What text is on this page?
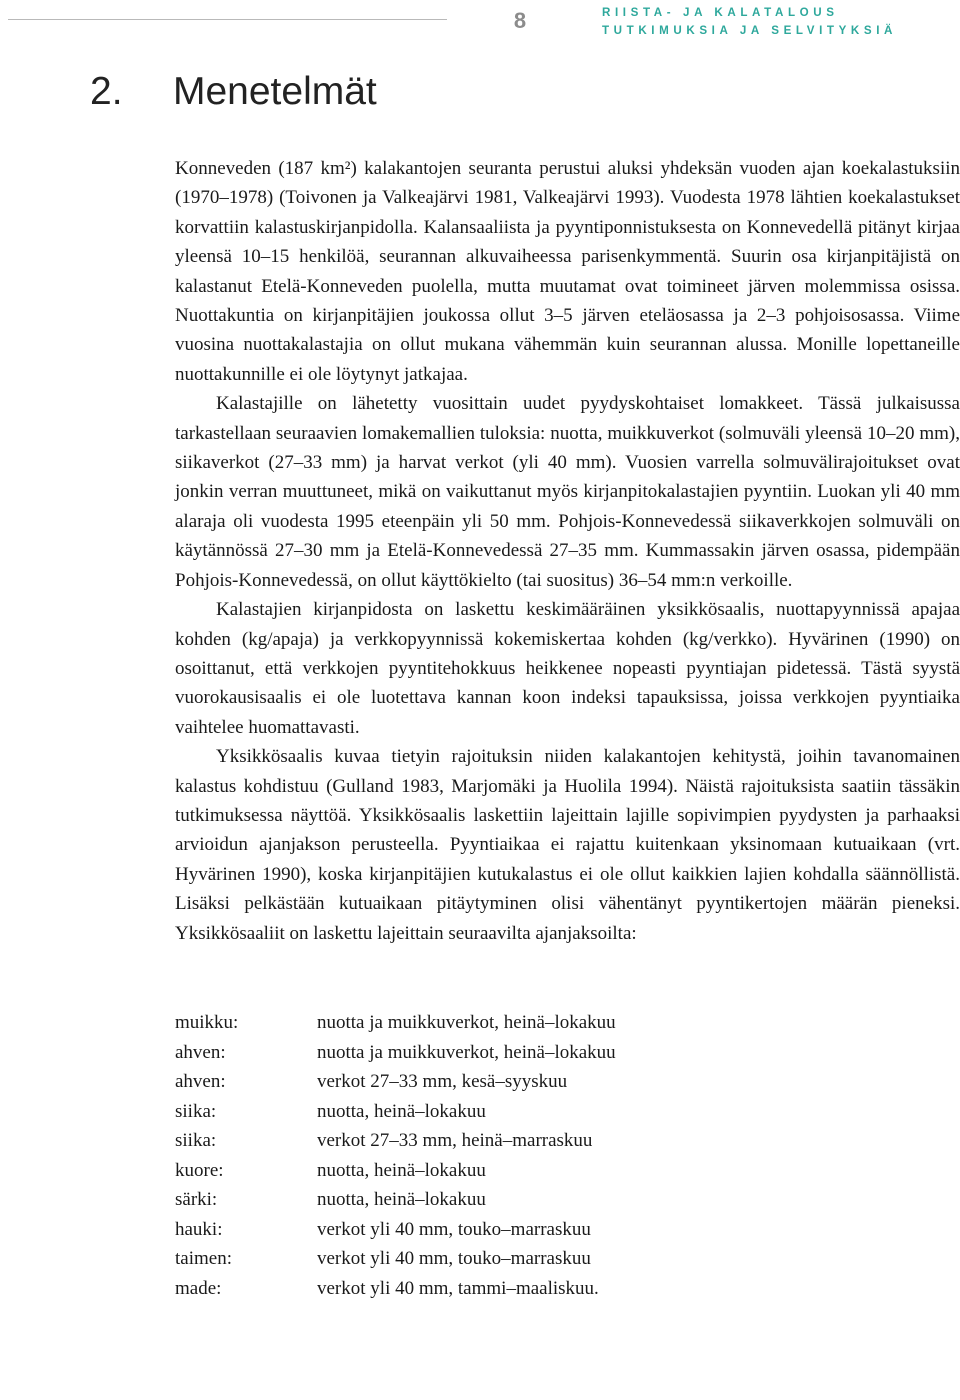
8	RIISTA- JA KALATALOUS
TUTKIMUKSIA JA SELVITYKSIÄ
2. Menetelmät

Konneveden (187 km²) kalakantojen seuranta perustui aluksi yhdeksän vuoden ajan koekalastuksiin (1970–1978) (Toivonen ja Valkeajärvi 1981, Valkeajärvi 1993). Vuodesta 1978 lähtien koekalastukset korvattiin kalastuskirjanpidolla. Kalansaaliista ja pyyntiponnistuksesta on Konnevedellä pitänyt kirjaa yleensä 10–15 henkilöä, seurannan alkuvaiheessa parisenkymmentä. Suurin osa kirjanpitäjistä on kalastanut Etelä-Konneveden puolella, mutta muutamat ovat toimineet järven molemmissa osissa. Nuottakuntia on kirjanpitäjien joukossa ollut 3–5 järven eteläosassa ja 2–3 pohjoisosassa. Viime vuosina nuottakalastajia on ollut mukana vähemmän kuin seurannan alussa. Monille lopettaneille nuottakunnille ei ole löytynyt jatkajaa.

Kalastajille on lähetetty vuosittain uudet pyydyskohtaiset lomakkeet. Tässä julkaisussa tarkastellaan seuraavien lomakemallien tuloksia: nuotta, muikkuverkot (solmuväli yleensä 10–20 mm), siikaverkot (27–33 mm) ja harvat verkot (yli 40 mm). Vuosien varrella solmuvälirajoitukset ovat jonkin verran muuttuneet, mikä on vaikuttanut myös kirjanpitokalastajien pyyntiin. Luokan yli 40 mm alaraja oli vuodesta 1995 eteenpäin yli 50 mm. Pohjois-Konnevedessä siikaverkkojen solmuväli on käytännössä 27–30 mm ja Etelä-Konnevedessä 27–35 mm. Kummassakin järven osassa, pidempään Pohjois-Konnevedessä, on ollut käyttökielto (tai suositus) 36–54 mm:n verkoille.

Kalastajien kirjanpidosta on laskettu keskimääräinen yksikkösaalis, nuottapyynnissä apajaa kohden (kg/apaja) ja verkkopyynnissä kokemiskertaa kohden (kg/verkko). Hyvärinen (1990) on osoittanut, että verkkojen pyyntitehokkuus heikkenee nopeasti pyyntiajan pidetessä. Tästä syystä vuorokausisaalis ei ole luotettava kannan koon indeksi tapauksissa, joissa verkkojen pyyntiaika vaihtelee huomattavasti.

Yksikkösaalis kuvaa tietyin rajoituksin niiden kalakantojen kehitystä, joihin tavanomainen kalastus kohdistuu (Gulland 1983, Marjomäki ja Huolila 1994). Näistä rajoituksista saatiin tässäkin tutkimuksessa näyttöä. Yksikkösaalis laskettiin lajeittain lajille sopivimpien pyydysten ja parhaaksi arvioidun ajanjakson perusteella. Pyyntiaikaa ei rajattu kuitenkaan yksinomaan kutuaikaan (vrt. Hyvärinen 1990), koska kirjanpitäjien kutukalastus ei ole ollut kaikkien lajien kohdalla säännöllistä. Lisäksi pelkästään kutuaikaan pitäytyminen olisi vähentänyt pyyntikertojen määrän pieneksi. Yksikkösaaliit on laskettu lajeittain seuraavilta ajanjaksoilta:

muikku:	nuotta ja muikkuverkot, heinä–lokakuu
ahven:	nuotta ja muikkuverkot, heinä–lokakuu
ahven:	verkot 27–33 mm, kesä–syyskuu
siika:	nuotta, heinä–lokakuu
siika:	verkot 27–33 mm, heinä–marraskuu
kuore:	nuotta, heinä–lokakuu
särki:	nuotta, heinä–lokakuu
hauki:	verkot yli 40 mm, touko–marraskuu
taimen:	verkot yli 40 mm, touko–marraskuu
made:	verkot yli 40 mm, tammi–maaliskuu.
